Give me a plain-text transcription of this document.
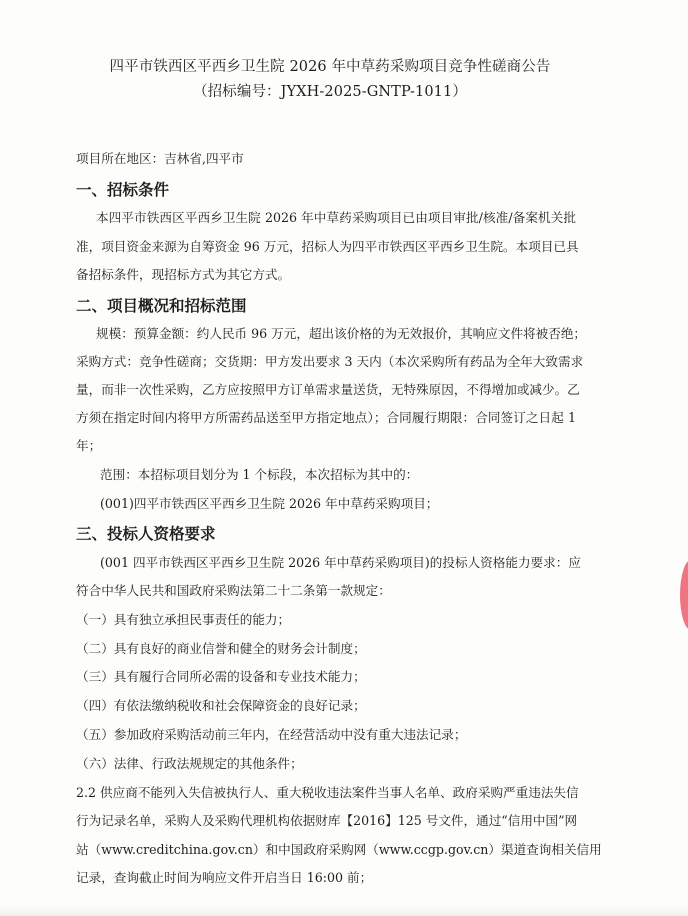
四平市铁西区平西乡卫生院 2026 年中草药采购项目竞争性磋商公告
（招标编号：JYXH-2025-GNTP-1011）
项目所在地区：吉林省,四平市
一、招标条件
本四平市铁西区平西乡卫生院 2026 年中草药采购项目已由项目审批/核准/备案机关批
准，项目资金来源为自筹资金 96 万元，招标人为四平市铁西区平西乡卫生院。本项目已具
备招标条件，现招标方式为其它方式。
二、项目概况和招标范围
规模：预算金额：约人民币 96 万元，超出该价格的为无效报价，其响应文件将被否绝；
采购方式：竞争性磋商；交货期：甲方发出要求 3 天内（本次采购所有药品为全年大致需求
量，而非一次性采购，乙方应按照甲方订单需求量送货，无特殊原因，不得增加或减少。乙
方须在指定时间内将甲方所需药品送至甲方指定地点）；合同履行期限：合同签订之日起 1
年；
范围：本招标项目划分为 1 个标段，本次招标为其中的：
(001)四平市铁西区平西乡卫生院 2026 年中草药采购项目；
三、投标人资格要求
(001 四平市铁西区平西乡卫生院 2026 年中草药采购项目)的投标人资格能力要求：应
符合中华人民共和国政府采购法第二十二条第一款规定：
（一）具有独立承担民事责任的能力；
（二）具有良好的商业信誉和健全的财务会计制度；
（三）具有履行合同所必需的设备和专业技术能力；
（四）有依法缴纳税收和社会保障资金的良好记录；
（五）参加政府采购活动前三年内，在经营活动中没有重大违法记录；
（六）法律、行政法规规定的其他条件；
2.2 供应商不能列入失信被执行人、重大税收违法案件当事人名单、政府采购严重违法失信
行为记录名单，采购人及采购代理机构依据财库【2016】125 号文件，通过“信用中国”网
站（www.creditchina.gov.cn）和中国政府采购网（www.ccgp.gov.cn）渠道查询相关信用
记录，查询截止时间为响应文件开启当日 16:00 前；
